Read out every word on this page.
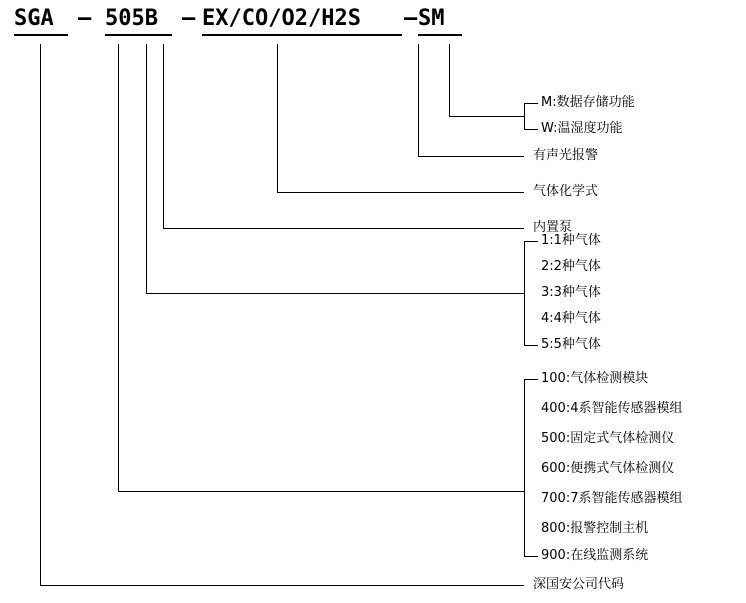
SGA	– 505B	– EX/CO/O2/H2S	– SM
M:数据存储功能
W:温湿度功能
有声光报警
气体化学式
内置泵
1:1种气体
2:2种气体
3:3种气体
4:4种气体
5:5种气体
100:气体检测模块
400:4系智能传感器模组
500:固定式气体检测仪
600:便携式气体检测仪
700:7系智能传感器模组
800:报警控制主机
900:在线监测系统
深国安公司代码
